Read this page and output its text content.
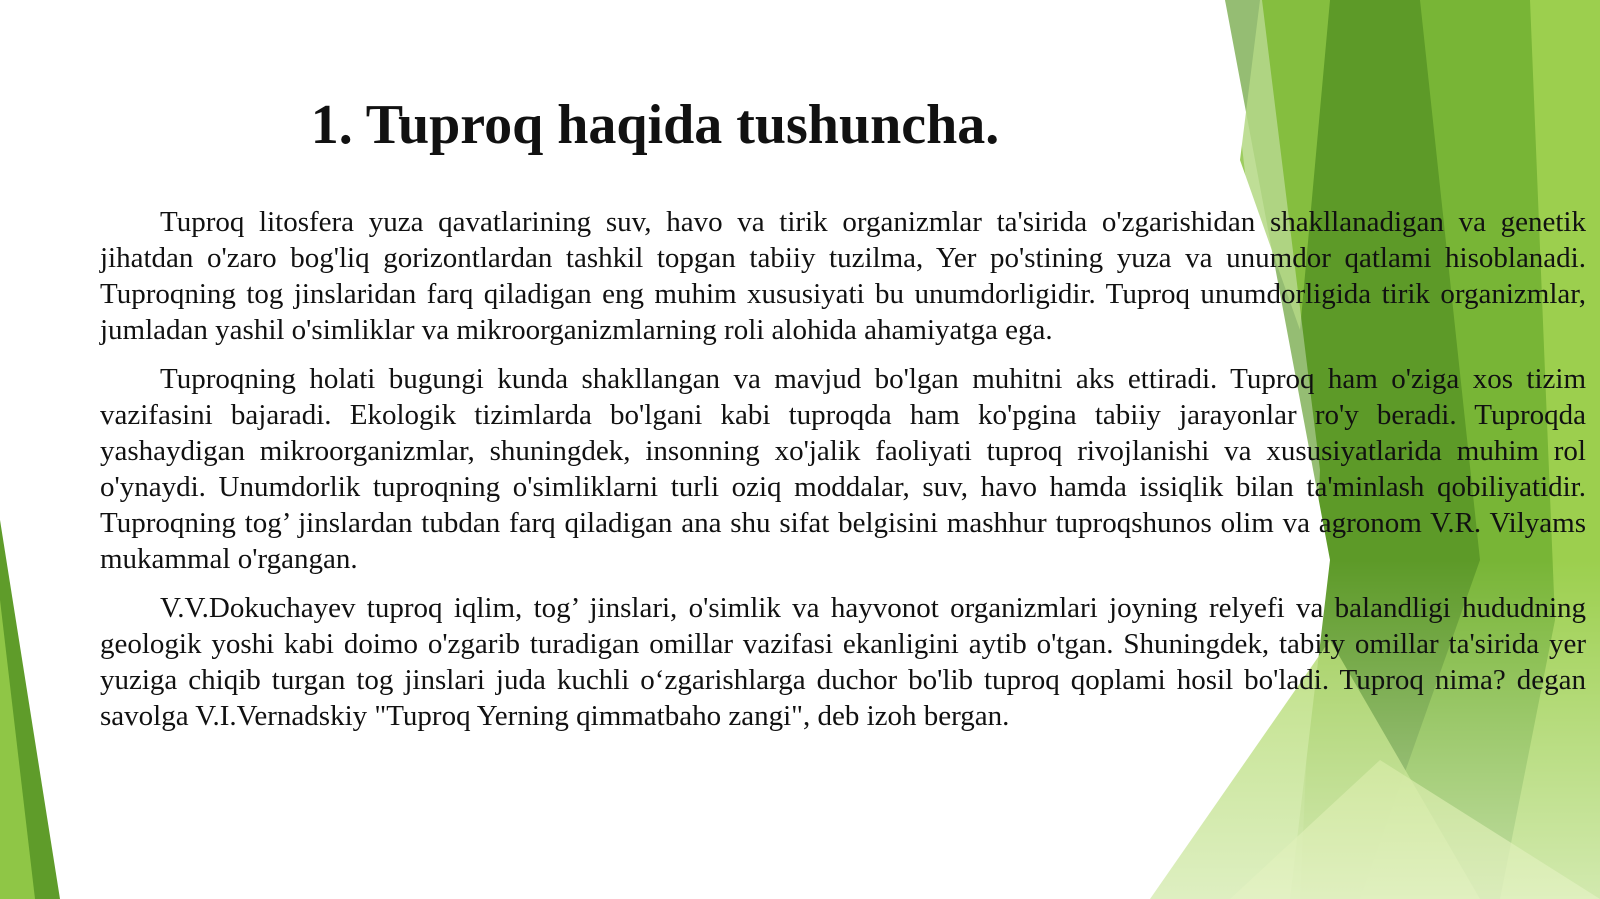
1. Tuproq haqida tushuncha.

Tuproq litosfera yuza qavatlarining suv, havo va tirik organizmlar ta'sirida o'zgarishidan shakllanadigan va genetik jihatdan o'zaro bog'liq gorizontlardan tashkil topgan tabiiy tuzilma, Yer po'stining yuza va unumdor qatlami hisoblanadi. Tuproqning tog jinslaridan farq qiladigan eng muhim xususiyati bu unumdorligidir. Tuproq unumdorligida tirik organizmlar, jumladan yashil o'simliklar va mikroorganizmlarning roli alohida ahamiyatga ega.

Tuproqning holati bugungi kunda shakllangan va mavjud bo'lgan muhitni aks ettiradi. Tuproq ham o'ziga xos tizim vazifasini bajaradi. Ekologik tizimlarda bo'lgani kabi tuproqda ham ko'pgina tabiiy jarayonlar ro'y beradi. Tuproqda yashaydigan mikroorganizmlar, shuningdek, insonning xo'jalik faoliyati tuproq rivojlanishi va xususiyatlarida muhim rol o'ynaydi. Unumdorlik tuproqning o'simliklarni turli oziq moddalar, suv, havo hamda issiqlik bilan ta'minlash qobiliyatidir. Tuproqning tog’ jinslardan tubdan farq qiladigan ana shu sifat belgisini mashhur tuproqshunos olim va agronom V.R. Vilyams mukammal o'rgangan.

V.V.Dokuchayev tuproq iqlim, tog’ jinslari, o'simlik va hayvonot organizmlari joyning relyefi va balandligi hududning geologik yoshi kabi doimo o'zgarib turadigan omillar vazifasi ekanligini aytib o'tgan. Shuningdek, tabiiy omillar ta'sirida yer yuziga chiqib turgan tog jinslari juda kuchli o‘zgarishlarga duchor bo'lib tuproq qoplami hosil bo'ladi. Tuproq nima? degan savolga V.I.Vernadskiy "Tuproq Yerning qimmatbaho zangi", deb izoh bergan.
